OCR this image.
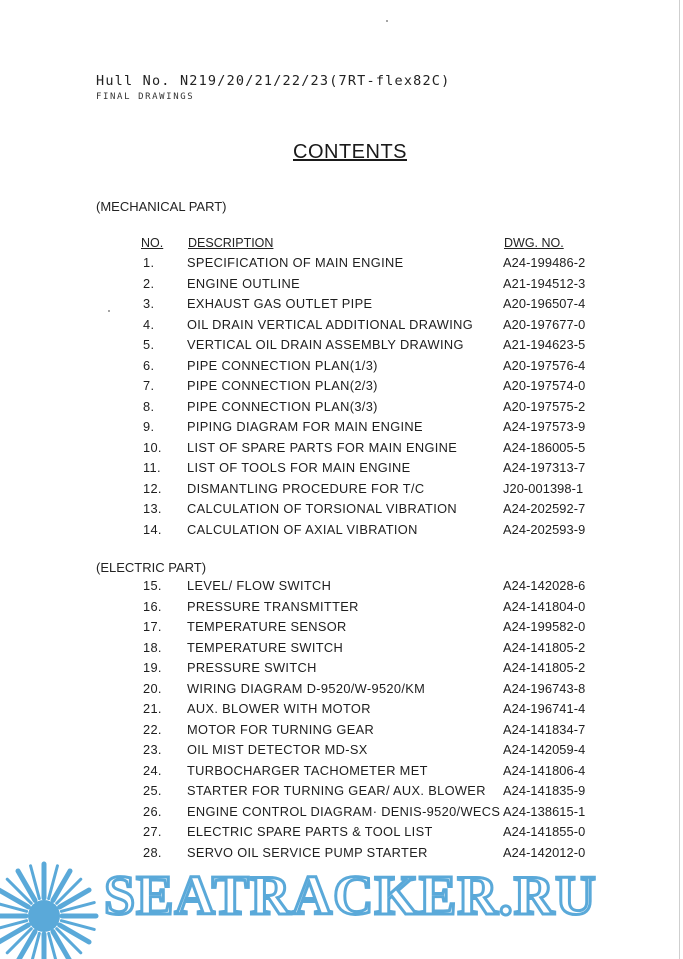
Hull No. N219/20/21/22/23(7RT-flex82C)
FINAL DRAWINGS
CONTENTS
(MECHANICAL PART)
NO. DESCRIPTION	DWG. NO.
1.	SPECIFICATION OF MAIN ENGINE	A24-199486-2
2.	ENGINE OUTLINE	A21-194512-3
3.	EXHAUST GAS OUTLET PIPE	A20-196507-4
4.	OIL DRAIN VERTICAL ADDITIONAL DRAWING A20-197677-0
5.	VERTICAL OIL DRAIN ASSEMBLY DRAWING	A21-194623-5
6.	PIPE CONNECTION PLAN(1/3)	A20-197576-4
7.	PIPE CONNECTION PLAN(2/3)	A20-197574-0
8.	PIPE CONNECTION PLAN(3/3)	A20-197575-2
9.	PIPING DIAGRAM FOR MAIN ENGINE	A24-197573-9
10. LIST OF SPARE PARTS FOR MAIN ENGINE	A24-186005-5
11. LIST OF TOOLS FOR MAIN ENGINE	A24-197313-7
12. DISMANTLING PROCEDURE FOR T/C	J20-001398-1
13. CALCULATION OF TORSIONAL VIBRATION	A24-202592-7
14. CALCULATION OF AXIAL VIBRATION	A24-202593-9
(ELECTRIC PART)
15. LEVEL/ FLOW SWITCH	A24-142028-6
16. PRESSURE TRANSMITTER	A24-141804-0
17. TEMPERATURE SENSOR	A24-199582-0
18. TEMPERATURE SWITCH	A24-141805-2
19. PRESSURE SWITCH	A24-141805-2
20. WIRING DIAGRAM D-9520/W-9520/KM	A24-196743-8
21. AUX. BLOWER WITH MOTOR	A24-196741-4
22. MOTOR FOR TURNING GEAR	A24-141834-7
23. OIL MIST DETECTOR MD-SX	A24-142059-4
24. TURBOCHARGER TACHOMETER MET	A24-141806-4
25. STARTER FOR TURNING GEAR/ AUX. BLOWER A24-141835-9
26. ENGINE CONTROL DIAGRAM· DENIS-9520/WECS A24-138615-1
27. ELECTRIC SPARE PARTS & TOOL LIST	A24-141855-0
28. SERVO OIL SERVICE PUMP STARTER	A24-142012-0
SEATRACKER.RU
